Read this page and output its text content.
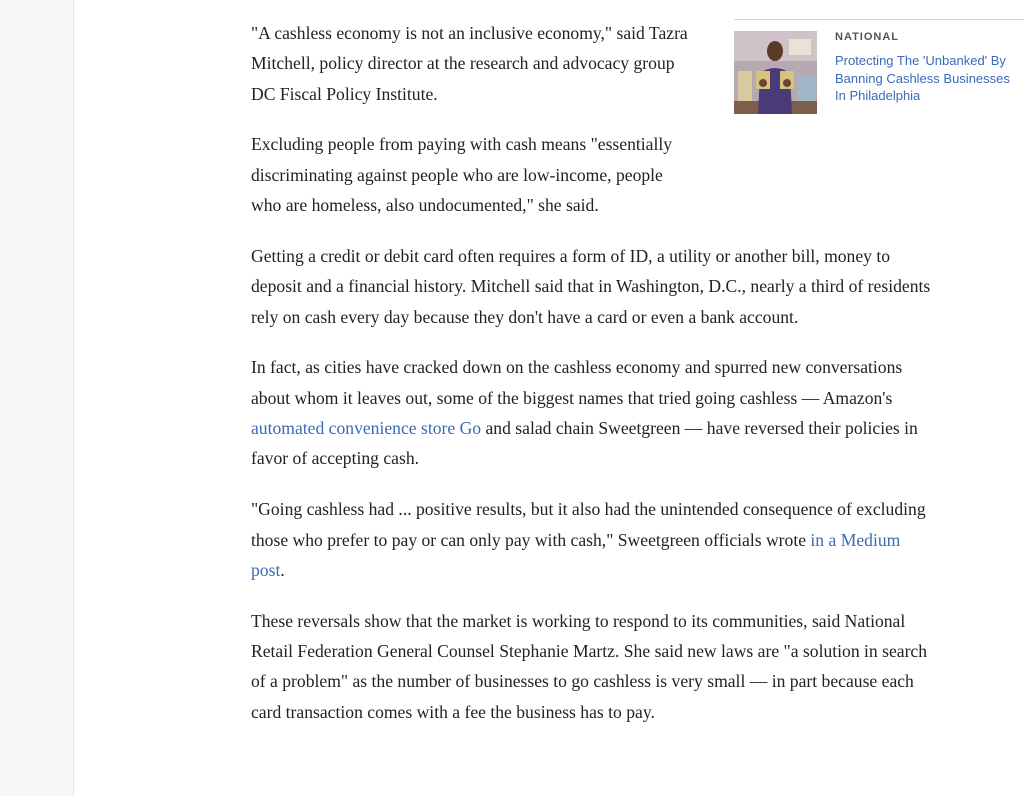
"A cashless economy is not an inclusive economy," said Tazra Mitchell, policy director at the research and advocacy group DC Fiscal Policy Institute.

Excluding people from paying with cash means "essentially discriminating against people who are low-income, people who are homeless, also undocumented," she said.

Getting a credit or debit card often requires a form of ID, a utility or another bill, money to deposit and a financial history. Mitchell said that in Washington, D.C., nearly a third of residents rely on cash every day because they don't have a card or even a bank account.

In fact, as cities have cracked down on the cashless economy and spurred new conversations about whom it leaves out, some of the biggest names that tried going cashless — Amazon's automated convenience store Go and salad chain Sweetgreen — have reversed their policies in favor of accepting cash.

"Going cashless had ... positive results, but it also had the unintended consequence of excluding those who prefer to pay or can only pay with cash," Sweetgreen officials wrote in a Medium post.

These reversals show that the market is working to respond to its communities, said National Retail Federation General Counsel Stephanie Martz. She said new laws are "a solution in search of a problem" as the number of businesses to go cashless is very small — in part because each card transaction comes with a fee the business has to pay.

NATIONAL
Protecting The 'Unbanked' By
Banning Cashless Businesses
In Philadelphia
